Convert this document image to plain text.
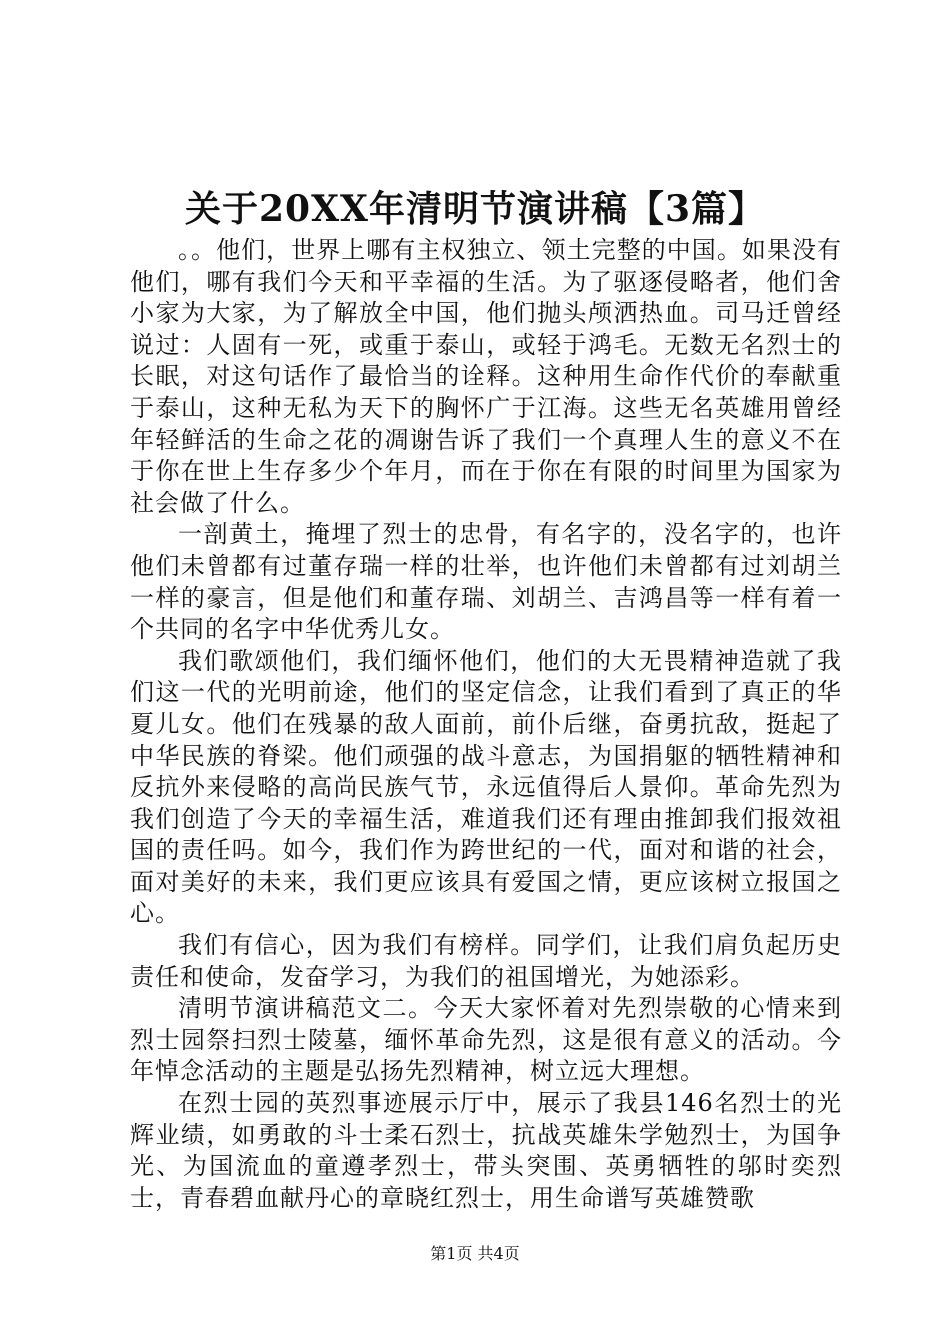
关于20XX年清明节演讲稿【3篇】

。。他们，世界上哪有主权独立、领土完整的中国。如果没有他们，哪有我们今天和平幸福的生活。为了驱逐侵略者，他们舍小家为大家，为了解放全中国，他们抛头颅洒热血。司马迁曾经说过：人固有一死，或重于泰山，或轻于鸿毛。无数无名烈士的长眠，对这句话作了最恰当的诠释。这种用生命作代价的奉献重于泰山，这种无私为天下的胸怀广于江海。这些无名英雄用曾经年轻鲜活的生命之花的凋谢告诉了我们一个真理人生的意义不在于你在世上生存多少个年月，而在于你在有限的时间里为国家为社会做了什么。

一剖黄土，掩埋了烈士的忠骨，有名字的，没名字的，也许他们未曾都有过董存瑞一样的壮举，也许他们未曾都有过刘胡兰一样的豪言，但是他们和董存瑞、刘胡兰、吉鸿昌等一样有着一个共同的名字中华优秀儿女。

我们歌颂他们，我们缅怀他们，他们的大无畏精神造就了我们这一代的光明前途，他们的坚定信念，让我们看到了真正的华夏儿女。他们在残暴的敌人面前，前仆后继，奋勇抗敌，挺起了中华民族的脊梁。他们顽强的战斗意志，为国捐躯的牺牲精神和反抗外来侵略的高尚民族气节，永远值得后人景仰。革命先烈为我们创造了今天的幸福生活，难道我们还有理由推卸我们报效祖国的责任吗。如今，我们作为跨世纪的一代，面对和谐的社会，面对美好的未来，我们更应该具有爱国之情，更应该树立报国之心。

我们有信心，因为我们有榜样。同学们，让我们肩负起历史责任和使命，发奋学习，为我们的祖国增光，为她添彩。

清明节演讲稿范文二。今天大家怀着对先烈崇敬的心情来到烈士园祭扫烈士陵墓，缅怀革命先烈，这是很有意义的活动。今年悼念活动的主题是弘扬先烈精神，树立远大理想。

在烈士园的英烈事迹展示厅中，展示了我县146名烈士的光辉业绩，如勇敢的斗士柔石烈士，抗战英雄朱学勉烈士，为国争光、为国流血的童遵孝烈士，带头突围、英勇牺牲的邬时奕烈士，青春碧血献丹心的章晓红烈士，用生命谱写英雄赞歌

第1页 共4页
